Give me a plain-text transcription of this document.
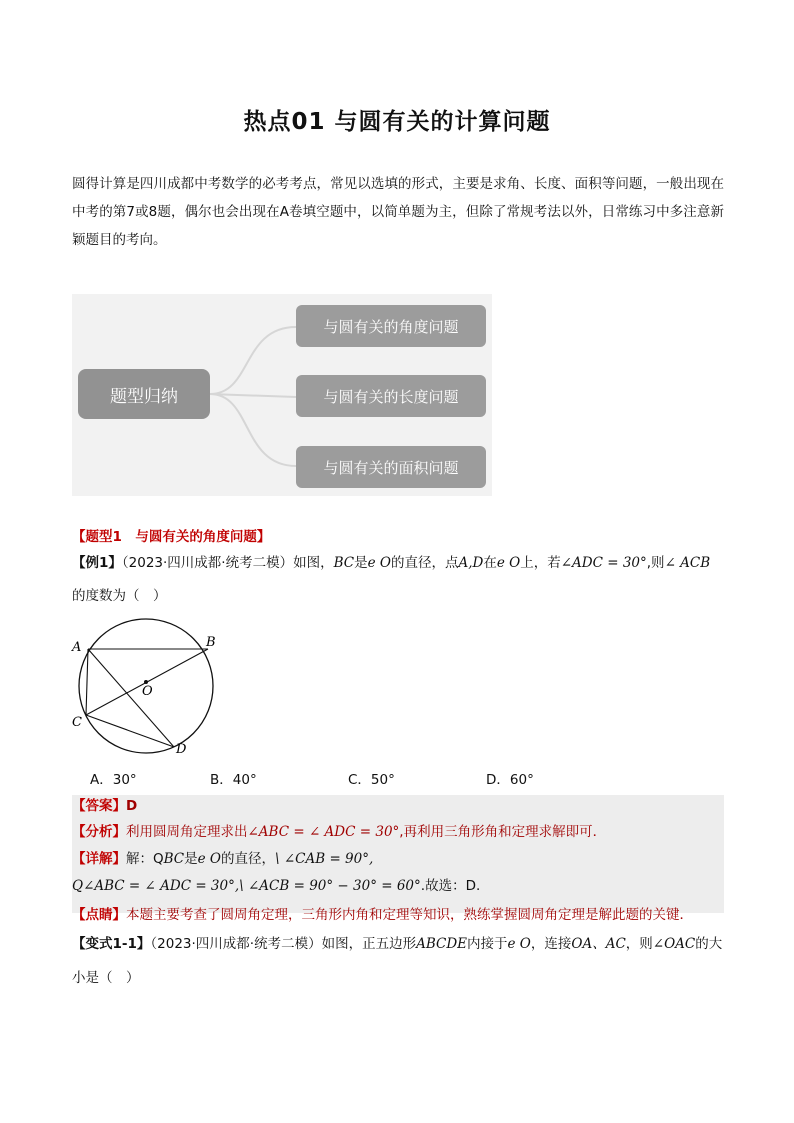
热点01 与圆有关的计算问题
圆得计算是四川成都中考数学的必考考点，常见以选填的形式，主要是求角、长度、面积等问题，一般出现在中考的第7或8题，偶尔也会出现在A卷填空题中，以简单题为主，但除了常规考法以外，日常练习中多注意新颖题目的考向。
题型归纳
与圆有关的角度问题
与圆有关的长度问题
与圆有关的面积问题
【题型1　与圆有关的角度问题】
【例1】（2023·四川成都·统考二模）如图，BC是e O的直径，点A,D在e O上，若∠ADC = 30°,则∠ ACB
的度数为（　）
A	B
C
D
O
A．30°	B．40°	C．50°	D．60°
【答案】D
【分析】利用圆周角定理求出∠ABC = ∠ ADC = 30°,再利用三角形角和定理求解即可．
【详解】解：QBC是e O的直径，\ ∠CAB = 90°,
Q∠ABC = ∠ ADC = 30°,\ ∠ACB = 90° − 30° = 60°.故选：D.
【点睛】本题主要考查了圆周角定理，三角形内角和定理等知识，熟练掌握圆周角定理是解此题的关键．
【变式1-1】（2023·四川成都·统考二模）如图，正五边形ABCDE内接于e O，连接OA、AC，则∠OAC的大
小是（　）
